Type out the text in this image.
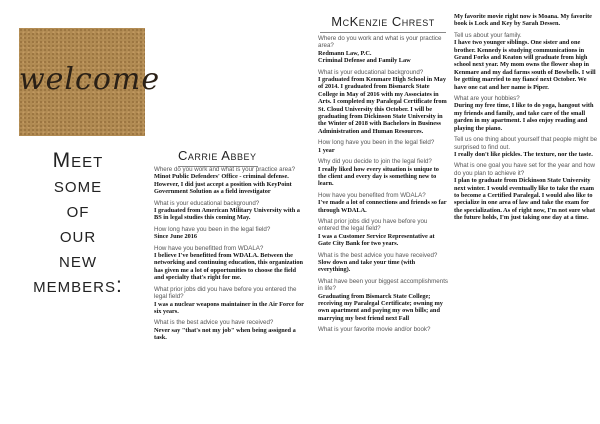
welcome
Meet
some
of
our
new
members:
Carrie Abbey
Where do you work and what is your practice area?
Minot Public Defenders' Office - criminal defense. However, I did just accept a position with KeyPoint Government Solution as a field investigator
What is your educational background?
I graduated from American Military University with a BS in legal studies this coming May.
How long have you been in the legal field?
Since June 2016
How have you benefitted from WDALA?
I believe I've benefitted from WDALA. Between the networking and continuing education, this organization has given me a lot of opportunities to choose the field and specialty that's right for me.
What prior jobs did you have before you entered the legal field?
I was a nuclear weapons maintainer in the Air Force for six years.
What is the best advice you have received?
Never say "that's not my job" when being assigned a task.
McKenzie Chrest
Where do you work and what is your practice area?
Redmann Law, P.C.
Criminal Defense and Family Law
What is your educational background?
I graduated from Kenmare High School in May of 2014. I graduated from Bismarck State College in May of 2016 with my Associates in Arts. I completed my Paralegal Certificate from St. Cloud University this October. I will be graduating from Dickinson State University in the Winter of 2018 with Bachelors in Business Administration and Human Resources.
How long have you been in the legal field?
1 year
Why did you decide to join the legal field?
I really liked how every situation is unique to the client and every day is something new to learn.
How have you benefited from WDALA?
I've made a lot of connections and friends so far through WDALA.
What prior jobs did you have before you entered the legal field?
I was a Customer Service Representative at Gate City Bank for two years.
What is the best advice you have received?
Slow down and take your time (with everything).
What have been your biggest accomplishments in life?
Graduating from Bismarck State College; receiving my Paralegal Certificate; owning my own apartment and paying my own bills; and marrying my best friend next Fall
What is your favorite movie and/or book?
My favorite movie right now is Moana. My favorite book is Lock and Key by Sarah Dessen.
Tell us about your family.
I have two younger siblings. One sister and one brother. Kennedy is studying communications in Grand Forks and Keaton will graduate from high school next year. My mom owns the flower shop in Kenmare and my dad farms south of Bowbells. I will be getting married to my fiancé next October. We have one cat and her name is Piper.
What are your hobbies?
During my free time, I like to do yoga, hangout with my friends and family, and take care of the small garden in my apartment. I also enjoy reading and playing the piano.
Tell us one thing about yourself that people might be surprised to find out.
I really don't like pickles. The texture, nor the taste.
What is one goal you have set for the year and how do you plan to achieve it?
I plan to graduate from Dickinson State University next winter. I would eventually like to take the exam to become a Certified Paralegal. I would also like to specialize in one area of law and take the exam for the specialization. As of right now, I'm not sure what the future holds, I'm just taking one day at a time.
